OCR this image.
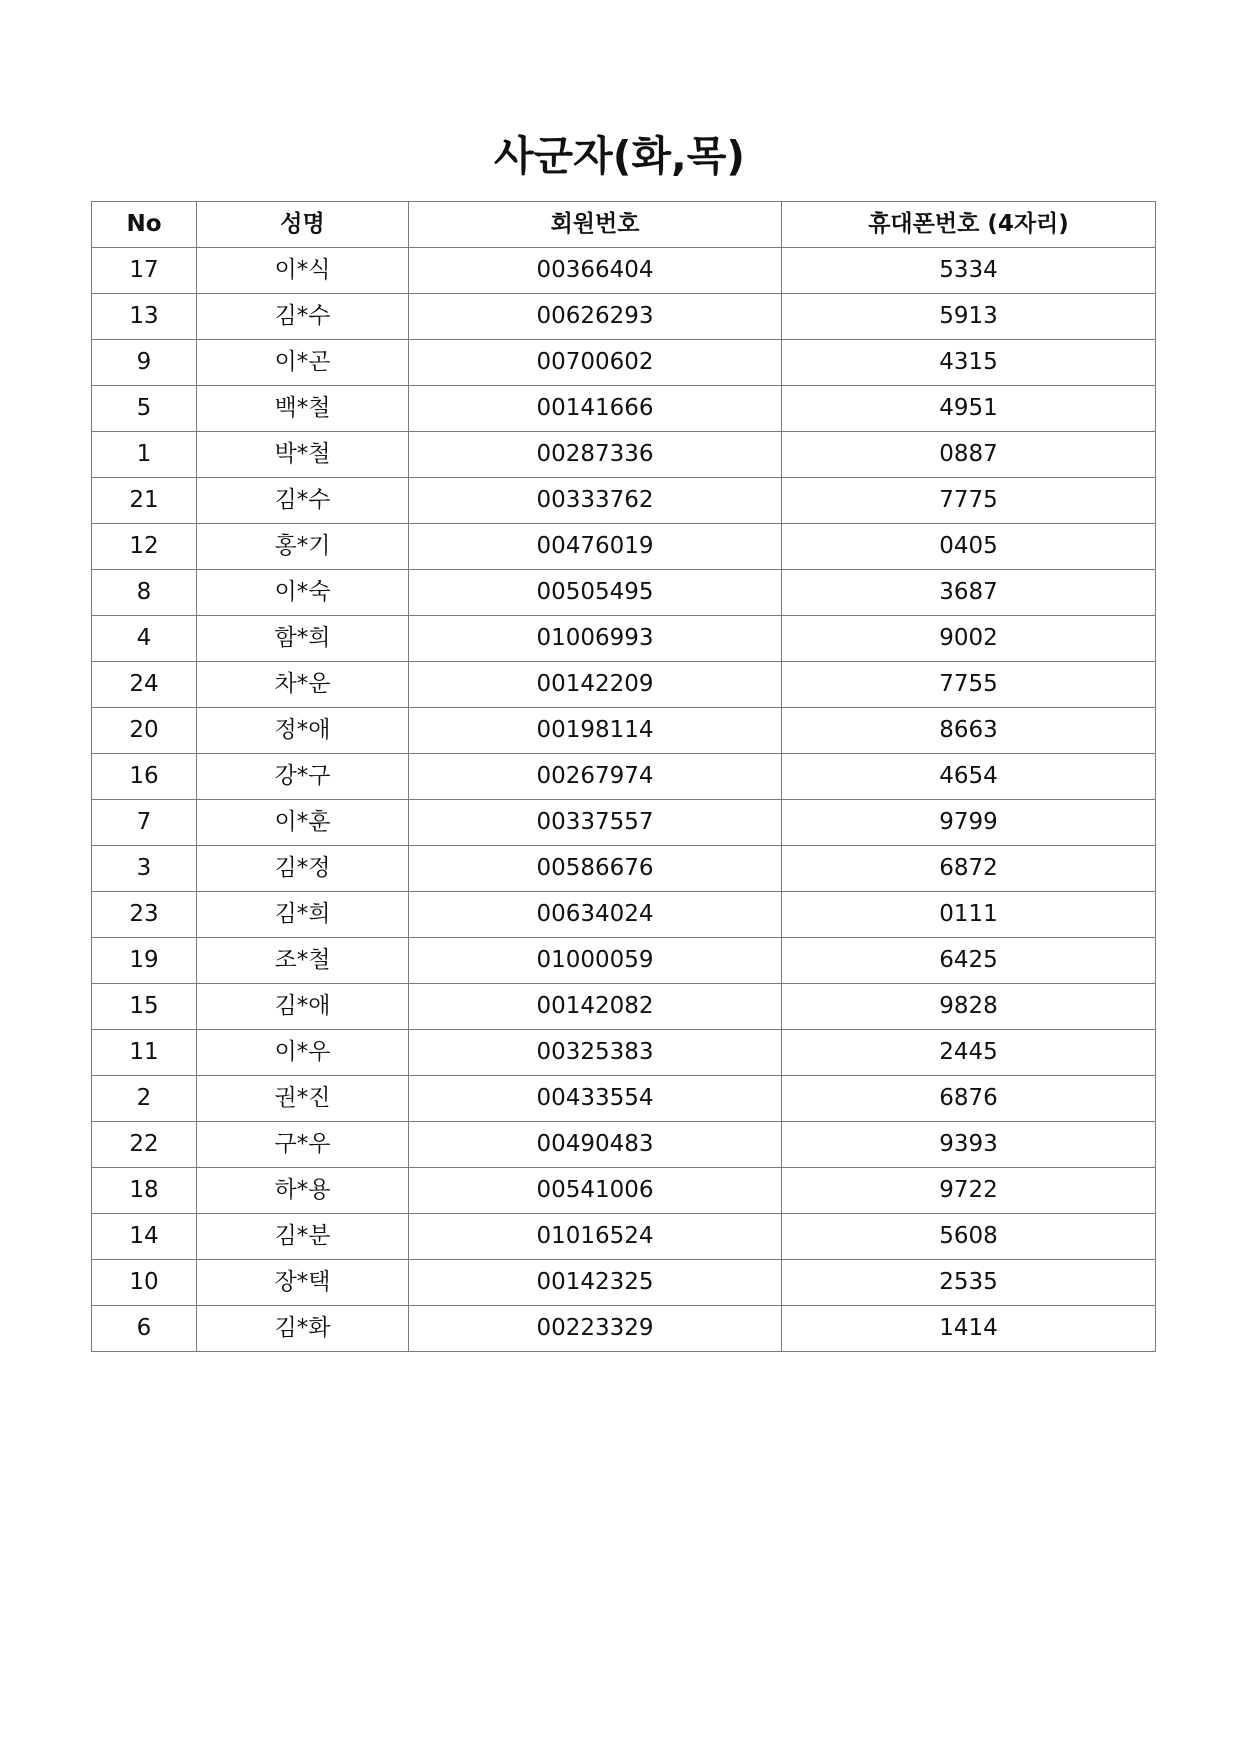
사군자(화,목)
No	성명	회원번호	휴대폰번호 (4자리)
17	이*식	00366404	5334
13	김*수	00626293	5913
9	이*곤	00700602	4315
5	백*철	00141666	4951
1	박*철	00287336	0887
21	김*수	00333762	7775
12	홍*기	00476019	0405
8	이*숙	00505495	3687
4	함*희	01006993	9002
24	차*운	00142209	7755
20	정*애	00198114	8663
16	강*구	00267974	4654
7	이*훈	00337557	9799
3	김*정	00586676	6872
23	김*희	00634024	0111
19	조*철	01000059	6425
15	김*애	00142082	9828
11	이*우	00325383	2445
2	권*진	00433554	6876
22	구*우	00490483	9393
18	하*용	00541006	9722
14	김*분	01016524	5608
10	장*택	00142325	2535
6	김*화	00223329	1414
